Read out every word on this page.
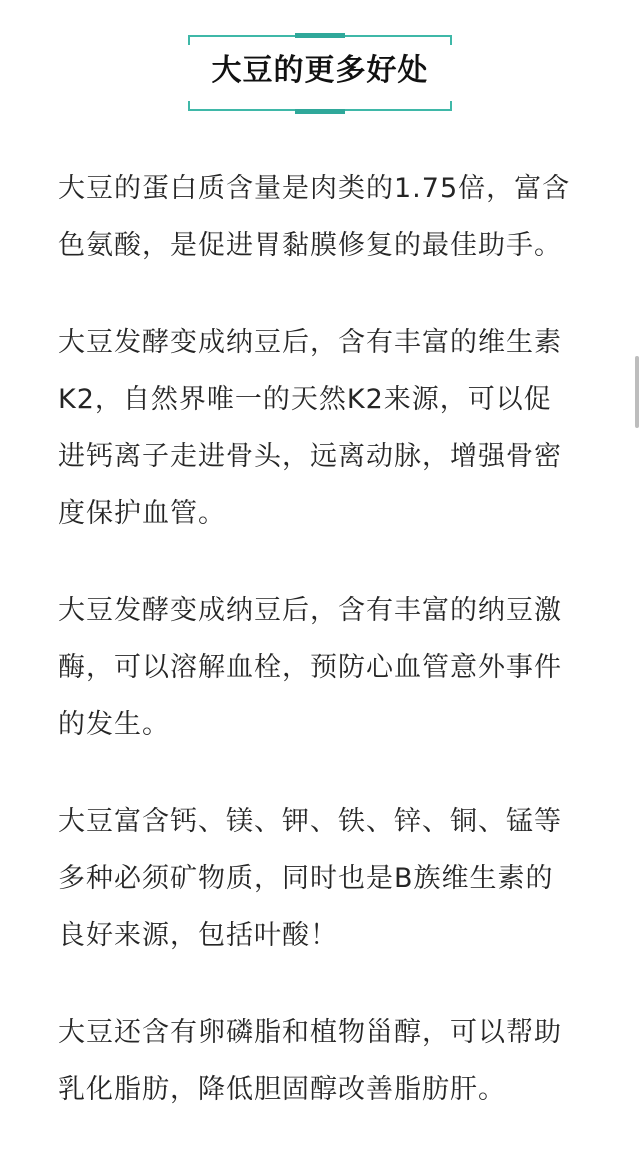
大豆的更多好处

大豆的蛋白质含量是肉类的1.75倍，富含
色氨酸，是促进胃黏膜修复的最佳助手。

大豆发酵变成纳豆后，含有丰富的维生素
K2，自然界唯一的天然K2来源，可以促
进钙离子走进骨头，远离动脉，增强骨密
度保护血管。

大豆发酵变成纳豆后，含有丰富的纳豆激
酶，可以溶解血栓，预防心血管意外事件
的发生。

大豆富含钙、镁、钾、铁、锌、铜、锰等
多种必须矿物质，同时也是B族维生素的
良好来源，包括叶酸！

大豆还含有卵磷脂和植物甾醇，可以帮助
乳化脂肪，降低胆固醇改善脂肪肝。
